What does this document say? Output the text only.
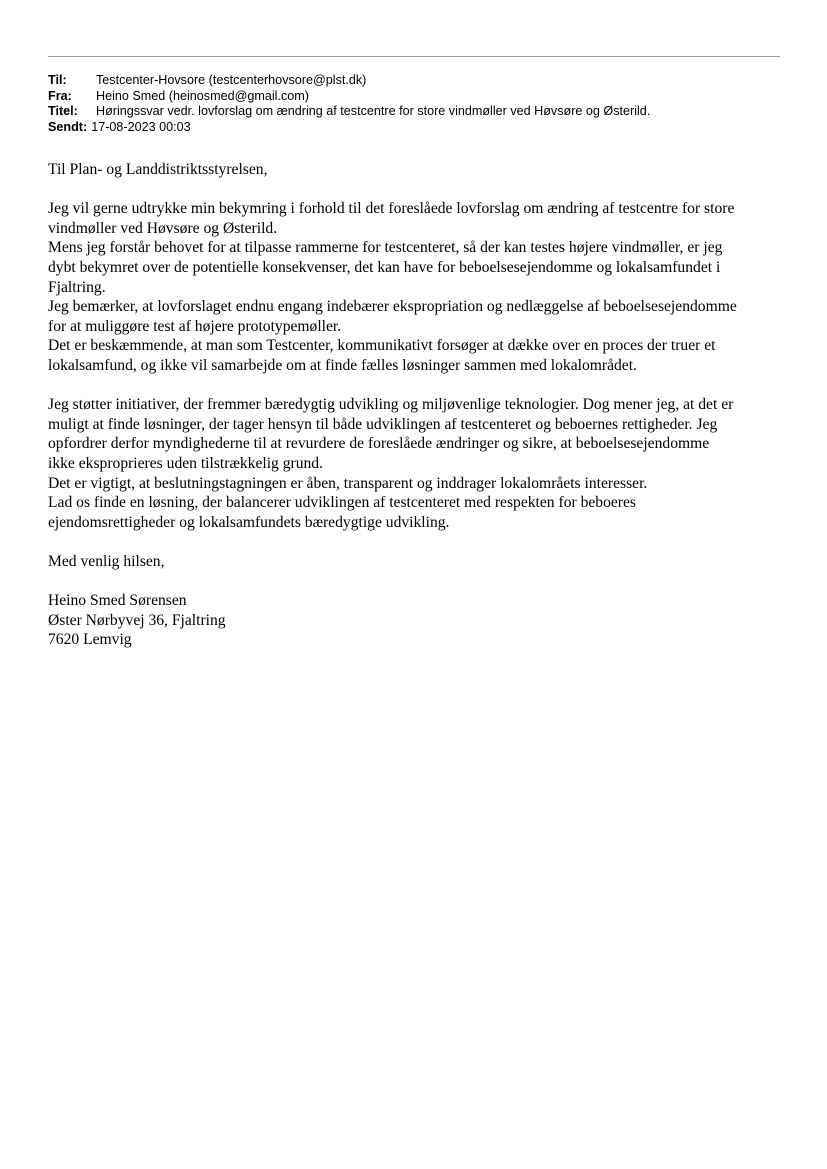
Til:	Testcenter-Hovsore (testcenterhovsore@plst.dk)
Fra:	Heino Smed (heinosmed@gmail.com)
Titel:	Høringssvar vedr. lovforslag om ændring af testcentre for store vindmøller ved Høvsøre og Østerild.
Sendt: 17-08-2023 00:03

Til Plan- og Landdistriktsstyrelsen,

Jeg vil gerne udtrykke min bekymring i forhold til det foreslåede lovforslag om ændring af testcentre for store
vindmøller ved Høvsøre og Østerild.
Mens jeg forstår behovet for at tilpasse rammerne for testcenteret, så der kan testes højere vindmøller, er jeg
dybt bekymret over de potentielle konsekvenser, det kan have for beboelsesejendomme og lokalsamfundet i
Fjaltring.
Jeg bemærker, at lovforslaget endnu engang indebærer ekspropriation og nedlæggelse af beboelsesejendomme
for at muliggøre test af højere prototypemøller.
Det er beskæmmende, at man som Testcenter, kommunikativt forsøger at dække over en proces der truer et
lokalsamfund, og ikke vil samarbejde om at finde fælles løsninger sammen med lokalområdet.
Jeg støtter initiativer, der fremmer bæredygtig udvikling og miljøvenlige teknologier. Dog mener jeg, at det er
muligt at finde løsninger, der tager hensyn til både udviklingen af testcenteret og beboernes rettigheder. Jeg
opfordrer derfor myndighederne til at revurdere de foreslåede ændringer og sikre, at beboelsesejendomme
ikke eksproprieres uden tilstrækkelig grund.
Det er vigtigt, at beslutningstagningen er åben, transparent og inddrager lokalområets interesser.
Lad os finde en løsning, der balancerer udviklingen af testcenteret med respekten for beboeres
ejendomsrettigheder og lokalsamfundets bæredygtige udvikling.

Med venlig hilsen,

Heino Smed Sørensen
Øster Nørbyvej 36, Fjaltring
7620 Lemvig
